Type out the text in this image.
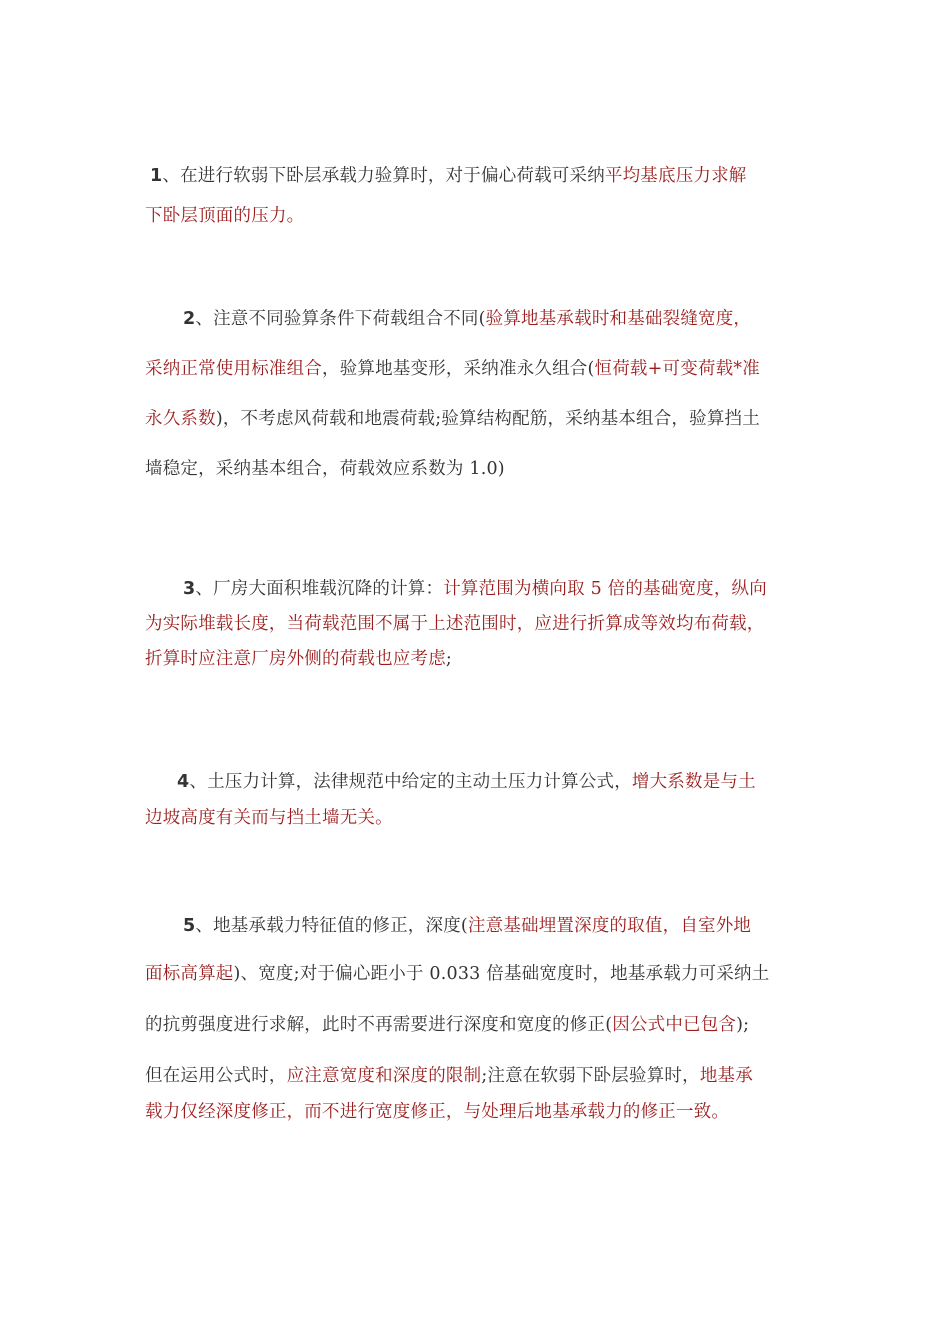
1、在进行软弱下卧层承载力验算时，对于偏心荷载可采纳平均基底压力求解
下卧层顶面的压力。
2、注意不同验算条件下荷载组合不同(验算地基承载时和基础裂缝宽度，
采纳正常使用标准组合，验算地基变形，采纳准永久组合(恒荷载+可变荷载*准
永久系数)，不考虑风荷载和地震荷载;验算结构配筋，采纳基本组合，验算挡土
墙稳定，采纳基本组合，荷载效应系数为 1.0)
3、厂房大面积堆载沉降的计算：计算范围为横向取 5 倍的基础宽度，纵向
为实际堆载长度，当荷载范围不属于上述范围时，应进行折算成等效均布荷载，
折算时应注意厂房外侧的荷载也应考虑;
4、土压力计算，法律规范中给定的主动土压力计算公式，增大系数是与土
边坡高度有关而与挡土墙无关。
5、地基承载力特征值的修正，深度(注意基础埋置深度的取值，自室外地
面标高算起)、宽度;对于偏心距小于 0.033 倍基础宽度时，地基承载力可采纳土
的抗剪强度进行求解，此时不再需要进行深度和宽度的修正(因公式中已包含);
但在运用公式时，应注意宽度和深度的限制;注意在软弱下卧层验算时，地基承
载力仅经深度修正，而不进行宽度修正，与处理后地基承载力的修正一致。
